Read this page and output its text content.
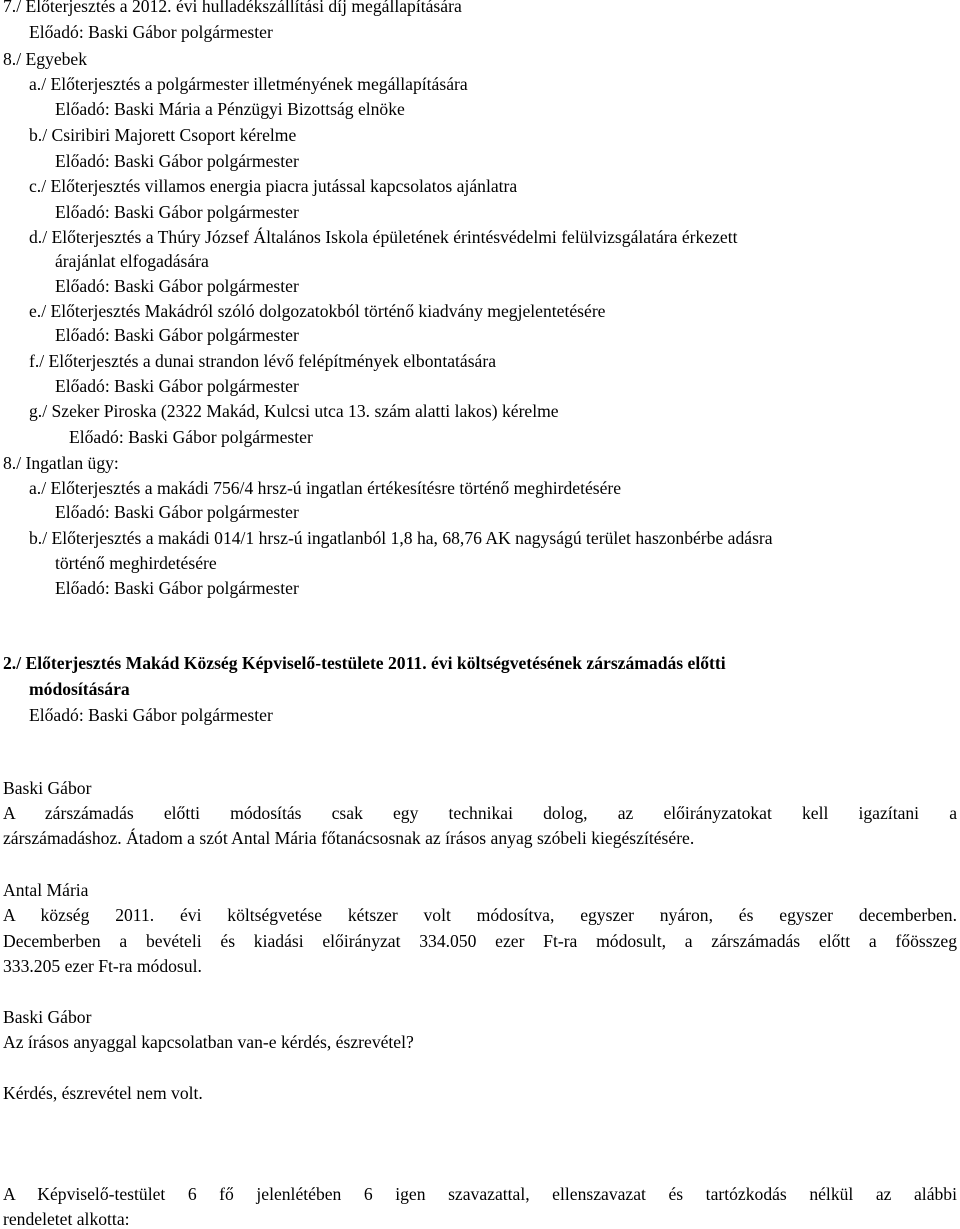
7./ Előterjesztés a 2012. évi hulladékszállítási díj megállapítására
Előadó: Baski Gábor polgármester
8./ Egyebek
a./ Előterjesztés a polgármester illetményének megállapítására
Előadó: Baski Mária a Pénzügyi Bizottság elnöke
b./ Csiribiri Majorett Csoport kérelme
Előadó: Baski Gábor polgármester
c./ Előterjesztés villamos energia piacra jutással kapcsolatos ajánlatra
Előadó: Baski Gábor polgármester
d./ Előterjesztés a Thúry József Általános Iskola épületének érintésvédelmi felülvizsgálatára érkezett
árajánlat elfogadására
Előadó: Baski Gábor polgármester
e./ Előterjesztés Makádról szóló dolgozatokból történő kiadvány megjelentetésére
Előadó: Baski Gábor polgármester
f./ Előterjesztés a dunai strandon lévő felépítmények elbontatására
Előadó: Baski Gábor polgármester
g./ Szeker Piroska (2322 Makád, Kulcsi utca 13. szám alatti lakos) kérelme
Előadó: Baski Gábor polgármester
8./ Ingatlan ügy:
a./ Előterjesztés a makádi 756/4 hrsz-ú ingatlan értékesítésre történő meghirdetésére
Előadó: Baski Gábor polgármester
b./ Előterjesztés a makádi 014/1 hrsz-ú ingatlanból 1,8 ha, 68,76 AK nagyságú terület haszonbérbe adásra
történő meghirdetésére
Előadó: Baski Gábor polgármester
2./ Előterjesztés Makád Község Képviselő-testülete 2011. évi költségvetésének zárszámadás előtti
módosítására
Előadó: Baski Gábor polgármester
Baski Gábor
A zárszámadás előtti módosítás csak egy technikai dolog, az előirányzatokat kell igazítani a
zárszámadáshoz. Átadom a szót Antal Mária főtanácsosnak az írásos anyag szóbeli kiegészítésére.
Antal Mária
A község 2011. évi költségvetése kétszer volt módosítva, egyszer nyáron, és egyszer decemberben.
Decemberben a bevételi és kiadási előirányzat 334.050 ezer Ft-ra módosult, a zárszámadás előtt a főösszeg
333.205 ezer Ft-ra módosul.
Baski Gábor
Az írásos anyaggal kapcsolatban van-e kérdés, észrevétel?
Kérdés, észrevétel nem volt.
A Képviselő-testület 6 fő jelenlétében 6 igen szavazattal, ellenszavazat és tartózkodás nélkül az alábbi
rendeletet alkotta:
